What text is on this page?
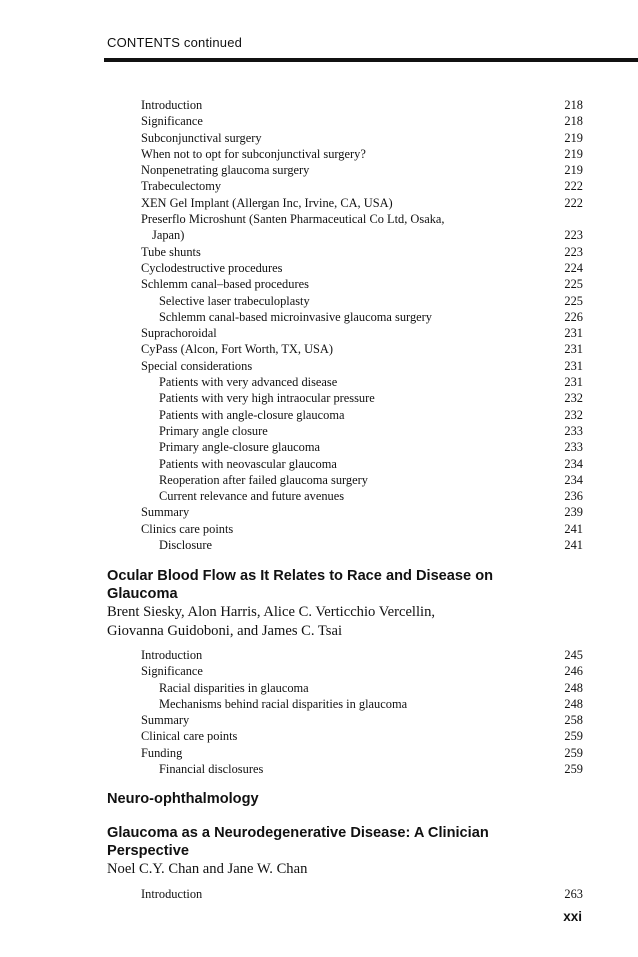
CONTENTS continued
Introduction	218
Significance	218
Subconjunctival surgery	219
When not to opt for subconjunctival surgery?	219
Nonpenetrating glaucoma surgery	219
Trabeculectomy	222
XEN Gel Implant (Allergan Inc, Irvine, CA, USA)	222
Preserflo Microshunt (Santen Pharmaceutical Co Ltd, Osaka,
Japan)	223
Tube shunts	223
Cyclodestructive procedures	224
Schlemm canal–based procedures	225
Selective laser trabeculoplasty	225
Schlemm canal-based microinvasive glaucoma surgery	226
Suprachoroidal	231
CyPass (Alcon, Fort Worth, TX, USA)	231
Special considerations	231
Patients with very advanced disease	231
Patients with very high intraocular pressure	232
Patients with angle-closure glaucoma	232
Primary angle closure	233
Primary angle-closure glaucoma	233
Patients with neovascular glaucoma	234
Reoperation after failed glaucoma surgery	234
Current relevance and future avenues	236
Summary	239
Clinics care points	241
Disclosure	241
Ocular Blood Flow as It Relates to Race and Disease on
Glaucoma
Brent Siesky, Alon Harris, Alice C. Verticchio Vercellin,
Giovanna Guidoboni, and James C. Tsai
Introduction	245
Significance	246
Racial disparities in glaucoma	248
Mechanisms behind racial disparities in glaucoma	248
Summary	258
Clinical care points	259
Funding	259
Financial disclosures	259
Neuro-ophthalmology
Glaucoma as a Neurodegenerative Disease: A Clinician
Perspective
Noel C.Y. Chan and Jane W. Chan
Introduction	263
xxi
